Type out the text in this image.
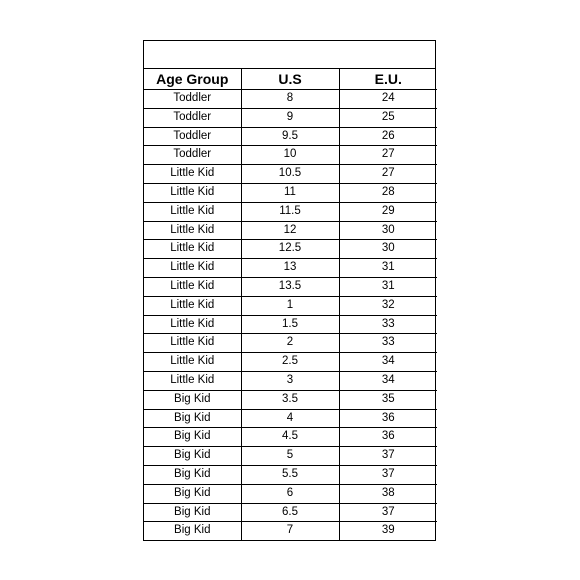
Age Group	U.S	E.U.
Toddler	8	24
Toddler	9	25
Toddler	9.5	26
Toddler	10	27
Little Kid	10.5	27
Little Kid	11	28
Little Kid	11.5	29
Little Kid	12	30
Little Kid	12.5	30
Little Kid	13	31
Little Kid	13.5	31
Little Kid	1	32
Little Kid	1.5	33
Little Kid	2	33
Little Kid	2.5	34
Little Kid	3	34
Big Kid	3.5	35
Big Kid	4	36
Big Kid	4.5	36
Big Kid	5	37
Big Kid	5.5	37
Big Kid	6	38
Big Kid	6.5	37
Big Kid	7	39
